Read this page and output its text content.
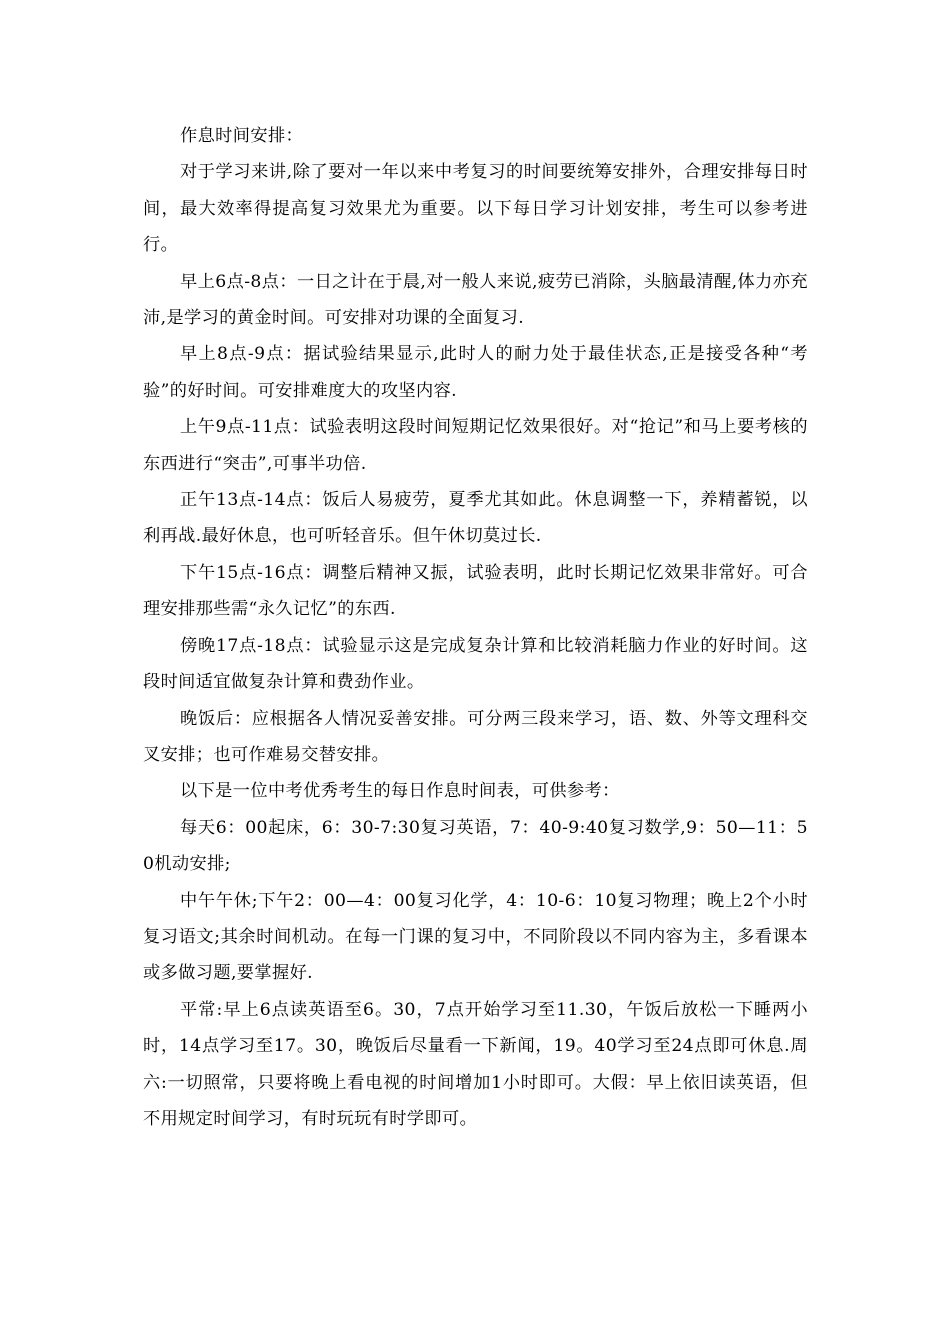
作息时间安排：

对于学习来讲,除了要对一年以来中考复习的时间要统筹安排外，合理安排每日时间，最大效率得提高复习效果尤为重要。以下每日学习计划安排，考生可以参考进行。

早上6点-8点：一日之计在于晨,对一般人来说,疲劳已消除，头脑最清醒,体力亦充沛,是学习的黄金时间。可安排对功课的全面复习.

早上8点-9点：据试验结果显示,此时人的耐力处于最佳状态,正是接受各种“考验”的好时间。可安排难度大的攻坚内容.

上午9点-11点：试验表明这段时间短期记忆效果很好。对“抢记”和马上要考核的东西进行“突击”,可事半功倍.

正午13点-14点：饭后人易疲劳，夏季尤其如此。休息调整一下，养精蓄锐，以利再战.最好休息，也可听轻音乐。但午休切莫过长.

下午15点-16点：调整后精神又振，试验表明，此时长期记忆效果非常好。可合理安排那些需“永久记忆”的东西.

傍晚17点-18点：试验显示这是完成复杂计算和比较消耗脑力作业的好时间。这段时间适宜做复杂计算和费劲作业。

晚饭后：应根据各人情况妥善安排。可分两三段来学习，语、数、外等文理科交叉安排；也可作难易交替安排。

以下是一位中考优秀考生的每日作息时间表，可供参考：

每天6：00起床，6：30-7:30复习英语，7：40-9:40复习数学,9：50—11：50机动安排;

中午午休;下午2：00—4：00复习化学，4：10-6：10复习物理；晚上2个小时复习语文;其余时间机动。在每一门课的复习中，不同阶段以不同内容为主，多看课本或多做习题,要掌握好.

平常:早上6点读英语至6。30，7点开始学习至11.30，午饭后放松一下睡两小时，14点学习至17。30，晚饭后尽量看一下新闻，19。40学习至24点即可休息.周六:一切照常，只要将晚上看电视的时间增加1小时即可。大假：早上依旧读英语，但不用规定时间学习，有时玩玩有时学即可。
